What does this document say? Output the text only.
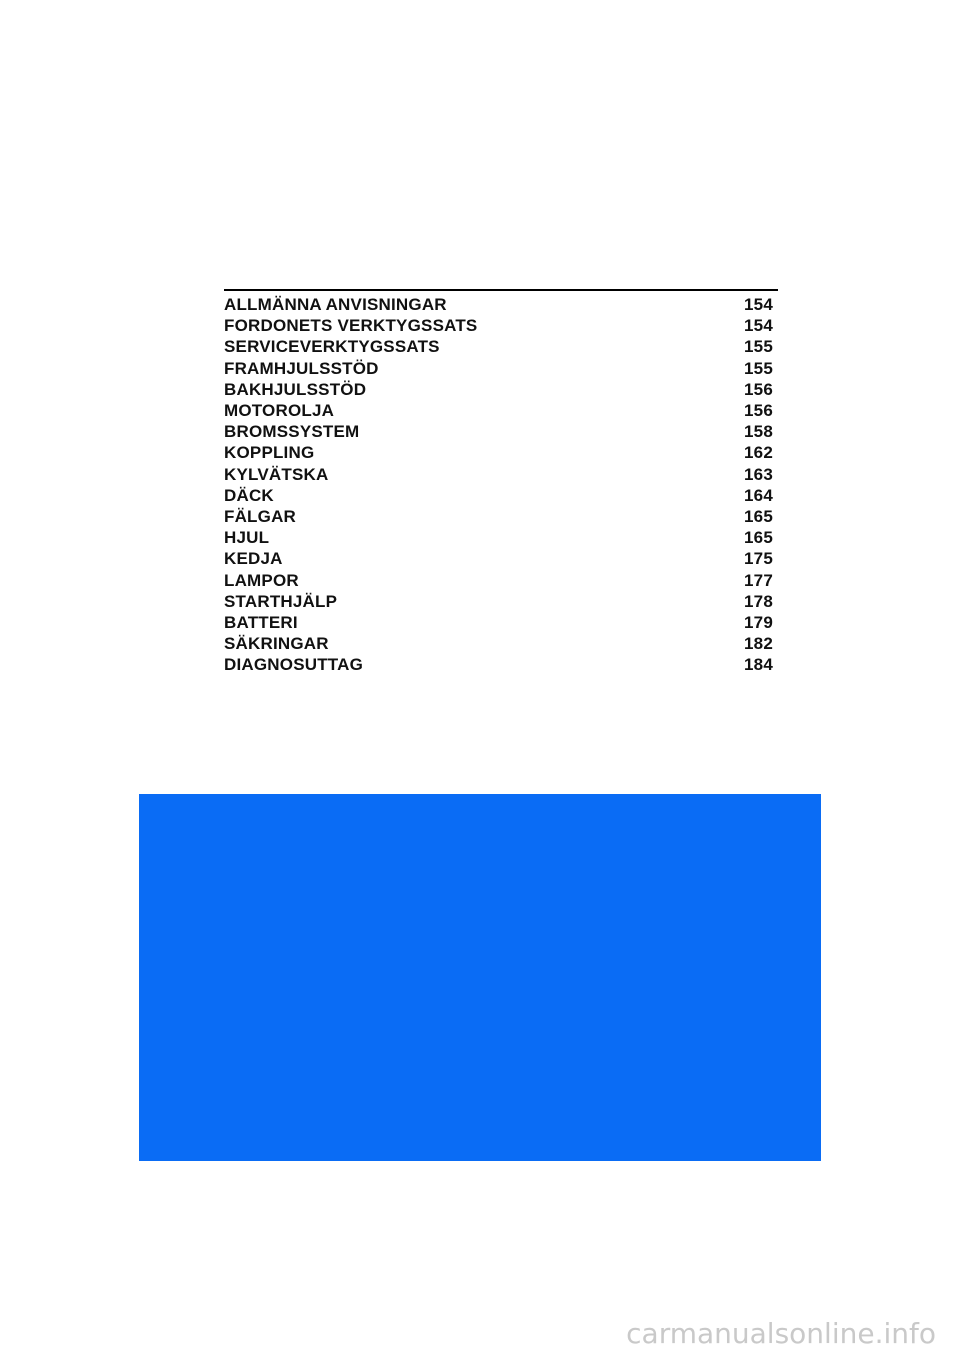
ALLMÄNNA ANVISNINGAR	154
FORDONETS VERKTYGSSATS	154
SERVICEVERKTYGSSATS	155
FRAMHJULSSTÖD	155
BAKHJULSSTÖD	156
MOTOROLJA	156
BROMSSYSTEM	158
KOPPLING	162
KYLVÄTSKA	163
DÄCK	164
FÄLGAR	165
HJUL	165
KEDJA	175
LAMPOR	177
STARTHJÄLP	178
BATTERI	179
SÄKRINGAR	182
DIAGNOSUTTAG	184
carmanualsonline.info
